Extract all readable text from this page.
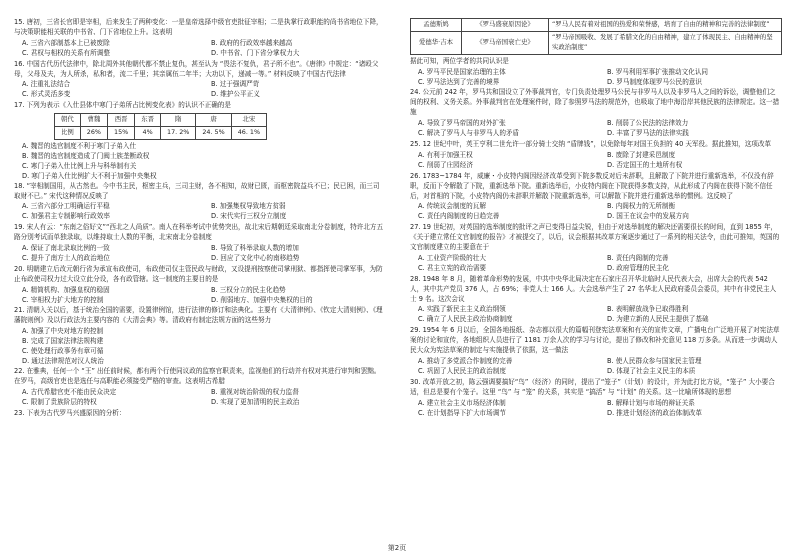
15. 唐初，三省长官即是宰相，后来发生了两种变化：一是皇帝选择中级官吏批征宰相；二是执掌行政职能的尚书省地位下降，与决策职能相关联的中书省、门下省地位上升。这表明
A. 三省六部制基本上已被废除	B. 政府的行政效率越来越高
C. 君权与相权的关系有所调整	D. 中书省、门下省分掌权力大
16. 中国古代历代法律中，除北周外其他朝代都不禁止复仇，甚至认为 “畏法不复仇，君子所不也”。《唐律》中规定：“诸殴父母，父母及夫，为人所杀，私和者，流二千里；其亲属伍二年半；大功以下，递减一等。” 材料反映了中国古代法律
A. 注重礼法结合	B. 过于强调严苛
C. 形式灵活多变	D. 维护公平正义
17. 下列为表示《入仕县体中寒门子弟所占比例变化表》的认识不正确的是
朝代	曹魏	西晋	东晋	隋	唐	北宋
比例	26%	15%	4%	17. 2%	24. 5%	46. 1%
A. 魏晋的选官制度不利于寒门子弟入仕
B. 魏晋的选官制度造成了门阀士族垄断政权
C. 寒门子弟入仕比例上升与科举制有关
D. 寒门子弟入仕比例扩大不利于加强中央集权
18. “宰相制国用，从古然也。今中书主民，枢密主兵，三司主财，各不相知，故财已匮，而枢密院益兵不已；民已困，而三司取财不已。” 宋代这种情况反映了
A. 三省六部分工明确运行平稳	B. 加强集权导致地方贫弱
C. 加强君主专制影响行政效率	D. 宋代实行三权分立制度
19. 宋人有云：“东南之俗好文”“西北之人尚质”。南人在科举考试中优势突出，故北宋后期朝廷采取南北分卷制度，特许北方五路分别考试而单独录取，以维持取士人数的平衡，北宋南北分卷制度
A. 保证了南北录取比例的一致	B. 导致了科举录取人数的增加
C. 提升了南方士人的政治地位	D. 回应了文化中心的南移趋势
20. 明朝建立后改元朝行省为承宣布政使司，布政使司仅主管民政与财政，又设提刑按察使司掌刑狱、都指挥使司掌军事，为防止布政使司权力过大设立此分设，各有政管辖。这一制度的主要目的是
A. 精简机构、加强皇权的稳固	B. 三权分立的民主化趋势
C. 宰相权力扩大地方的控制	D. 削弱地方、加强中央集权的目的
21. 清朝入关以后，基于统治全国的需要，设置律例馆，进行法律的修订和法典化。主要有《大清律例》、《钦定大清则例》、《理藩院则例》及以行政法为主要内容的《大清会典》等。清政府有制定法规方面的这些努力
A. 加强了中央对地方的控制
B. 完成了国家法律法规构建
C. 使处理行政事务有章可循
D. 通过法律规范对汉人统治
22. 在雅典，任何一个 “王” 出任前时候，都有两个行使同议政的监察官职责来，监视他们的行动并有权对其进行审判和罢黜。在罗马，高级官吏也是选任与高职能必须接受严格的审查。这表明古希腊
A. 古代希腊官吏不能由民众决定	B. 重视对统治阶级的权力监督
C. 限制了贵族阶层的特权	D. 实现了更加清明的民主政治
23. 下表为古代罗马兴盛原因的分析：
孟德斯鸠	《罗马盛衰原因论》	“罗马人民有着对祖国的热爱和荣誉感，培育了自由的精神和完善的法律制度”
爱德华·吉本	《罗马帝国衰亡史》	“罗马帝国吸收、发展了希腊文化的自由精神，建立了体现民主、自由精神的坚实政治制度”
据此可知，两位学者的共同认识是
A. 罗马平民是国家治理的主体	B. 罗马利用军事扩张推动文化认同
C. 罗马法达到了完善的境界	D. 罗马制度体现罗马公民的意识
24. 公元前 242 年，罗马共和国设立了外事裁判官，专门负责处理罗马公民与非罗马人以及非罗马人之间的诉讼，调整他们之间的权利、义务关系。外事裁判官在处理案件时，除了参照罗马法的规范外，也吸取了地中海沿岸其他民族的法律规定。这一措施
A. 导致了罗马帝国的对外扩张	B. 削弱了公民法的法律效力
C. 解决了罗马人与非罗马人的矛盾	D. 丰富了罗马法的法律实践
25. 12 世纪中叶，英王亨利二世允许一部分骑士交纳 “盾牌钱”，以免除每年对国王负担的 40 天军役。据此推知，这项改革
A. 有利于加强王权	B. 废除了封建采邑制度
C. 削弱了庄园经济	D. 否定国王的土地所有权
26. 1783~1784 年，威廉・小皮特内阁因经济改革受到下院多数反对后未辞职，且解散了下院并进行重新选举，不仅没有辞职，反而下令解散了下院，重新选举下院。重新选举后，小皮特内阁在下院获得多数支持，从此形成了内阁在获得下院不信任后，对首相的下院，小皮特内阁仍未辞职并解散下院重新选举，可以解散下院并进行重新选举的惯例。这反映了
A. 传统议会制度的瓦解	B. 内阁权力的无所制衡
C. 责任内阁制度的日趋完善	D. 国王在议会中的发展方向
27. 19 世纪初，对英国的选举制度的批评之声已变得日益尖锐，但由于对选举制度的解决还需要很长的时间，直到 1855 年，《关于建立常任文官制度的报告》才被提交了，以后，议会根据其改革方案逐步通过了一系列的相关法令，由此可推知，英国的文官制度建立的主要意在于
A. 工业资产阶级的壮大	B. 责任内阁制的完善
C. 君主立宪的政治需要	D. 政府管理的民主化
28. 1948 年 8 月，随着革命形势的发展，中共中央华北局决定在石家庄召开华北临时人民代表大会，出席大会的代表 542 人，其中共产党员 376 人，占 69%；非党人士 166 人。大会选举产生了 27 名华北人民政府委员会委员，其中有非党民主人士 9 名。这次会议
A. 实践了新民主主义政治纲领	B. 表明解放战争已取得胜利
C. 确立了人民民主政治协商制度	D. 为建立新的人民民主提供了基础
29. 1954 年 6 月以后，全国各地报纸、杂志都以很大的篇幅刊登宪法草案和有关的宣传文章，广播电台广泛地开展了对宪法草案的讨论和宣传，各地组织人员进行了 1181 万余人次的学习与讨论，提出了修改和补充意见 118 万多条。从而进一步调动人民大众为宪法草案的制定与实施提供了依据，这一做法
A. 推动了多党派合作制度的完善	B. 使人民群众参与国家民主管理
C. 巩固了人民民主的政治制度	D. 体现了社会主义民主的本质
30. 改革开放之初，陈云强调要搞好“鸟”（经济）的同时，提出了“笼子”（计划）的设计，并为此打比方说，“笼子” 大小要合适，但总是要有个笼子。这里 “鸟” 与 “笼” 的关系，其实是 “搞活” 与 “计划” 的关系。这一比喻所体现的思想
A. 建立社会主义市场经济体制	B. 解释计划与市场的辩证关系
C. 在计划指导下扩大市场调节	D. 推进计划经济的政治体制改革
第2页
